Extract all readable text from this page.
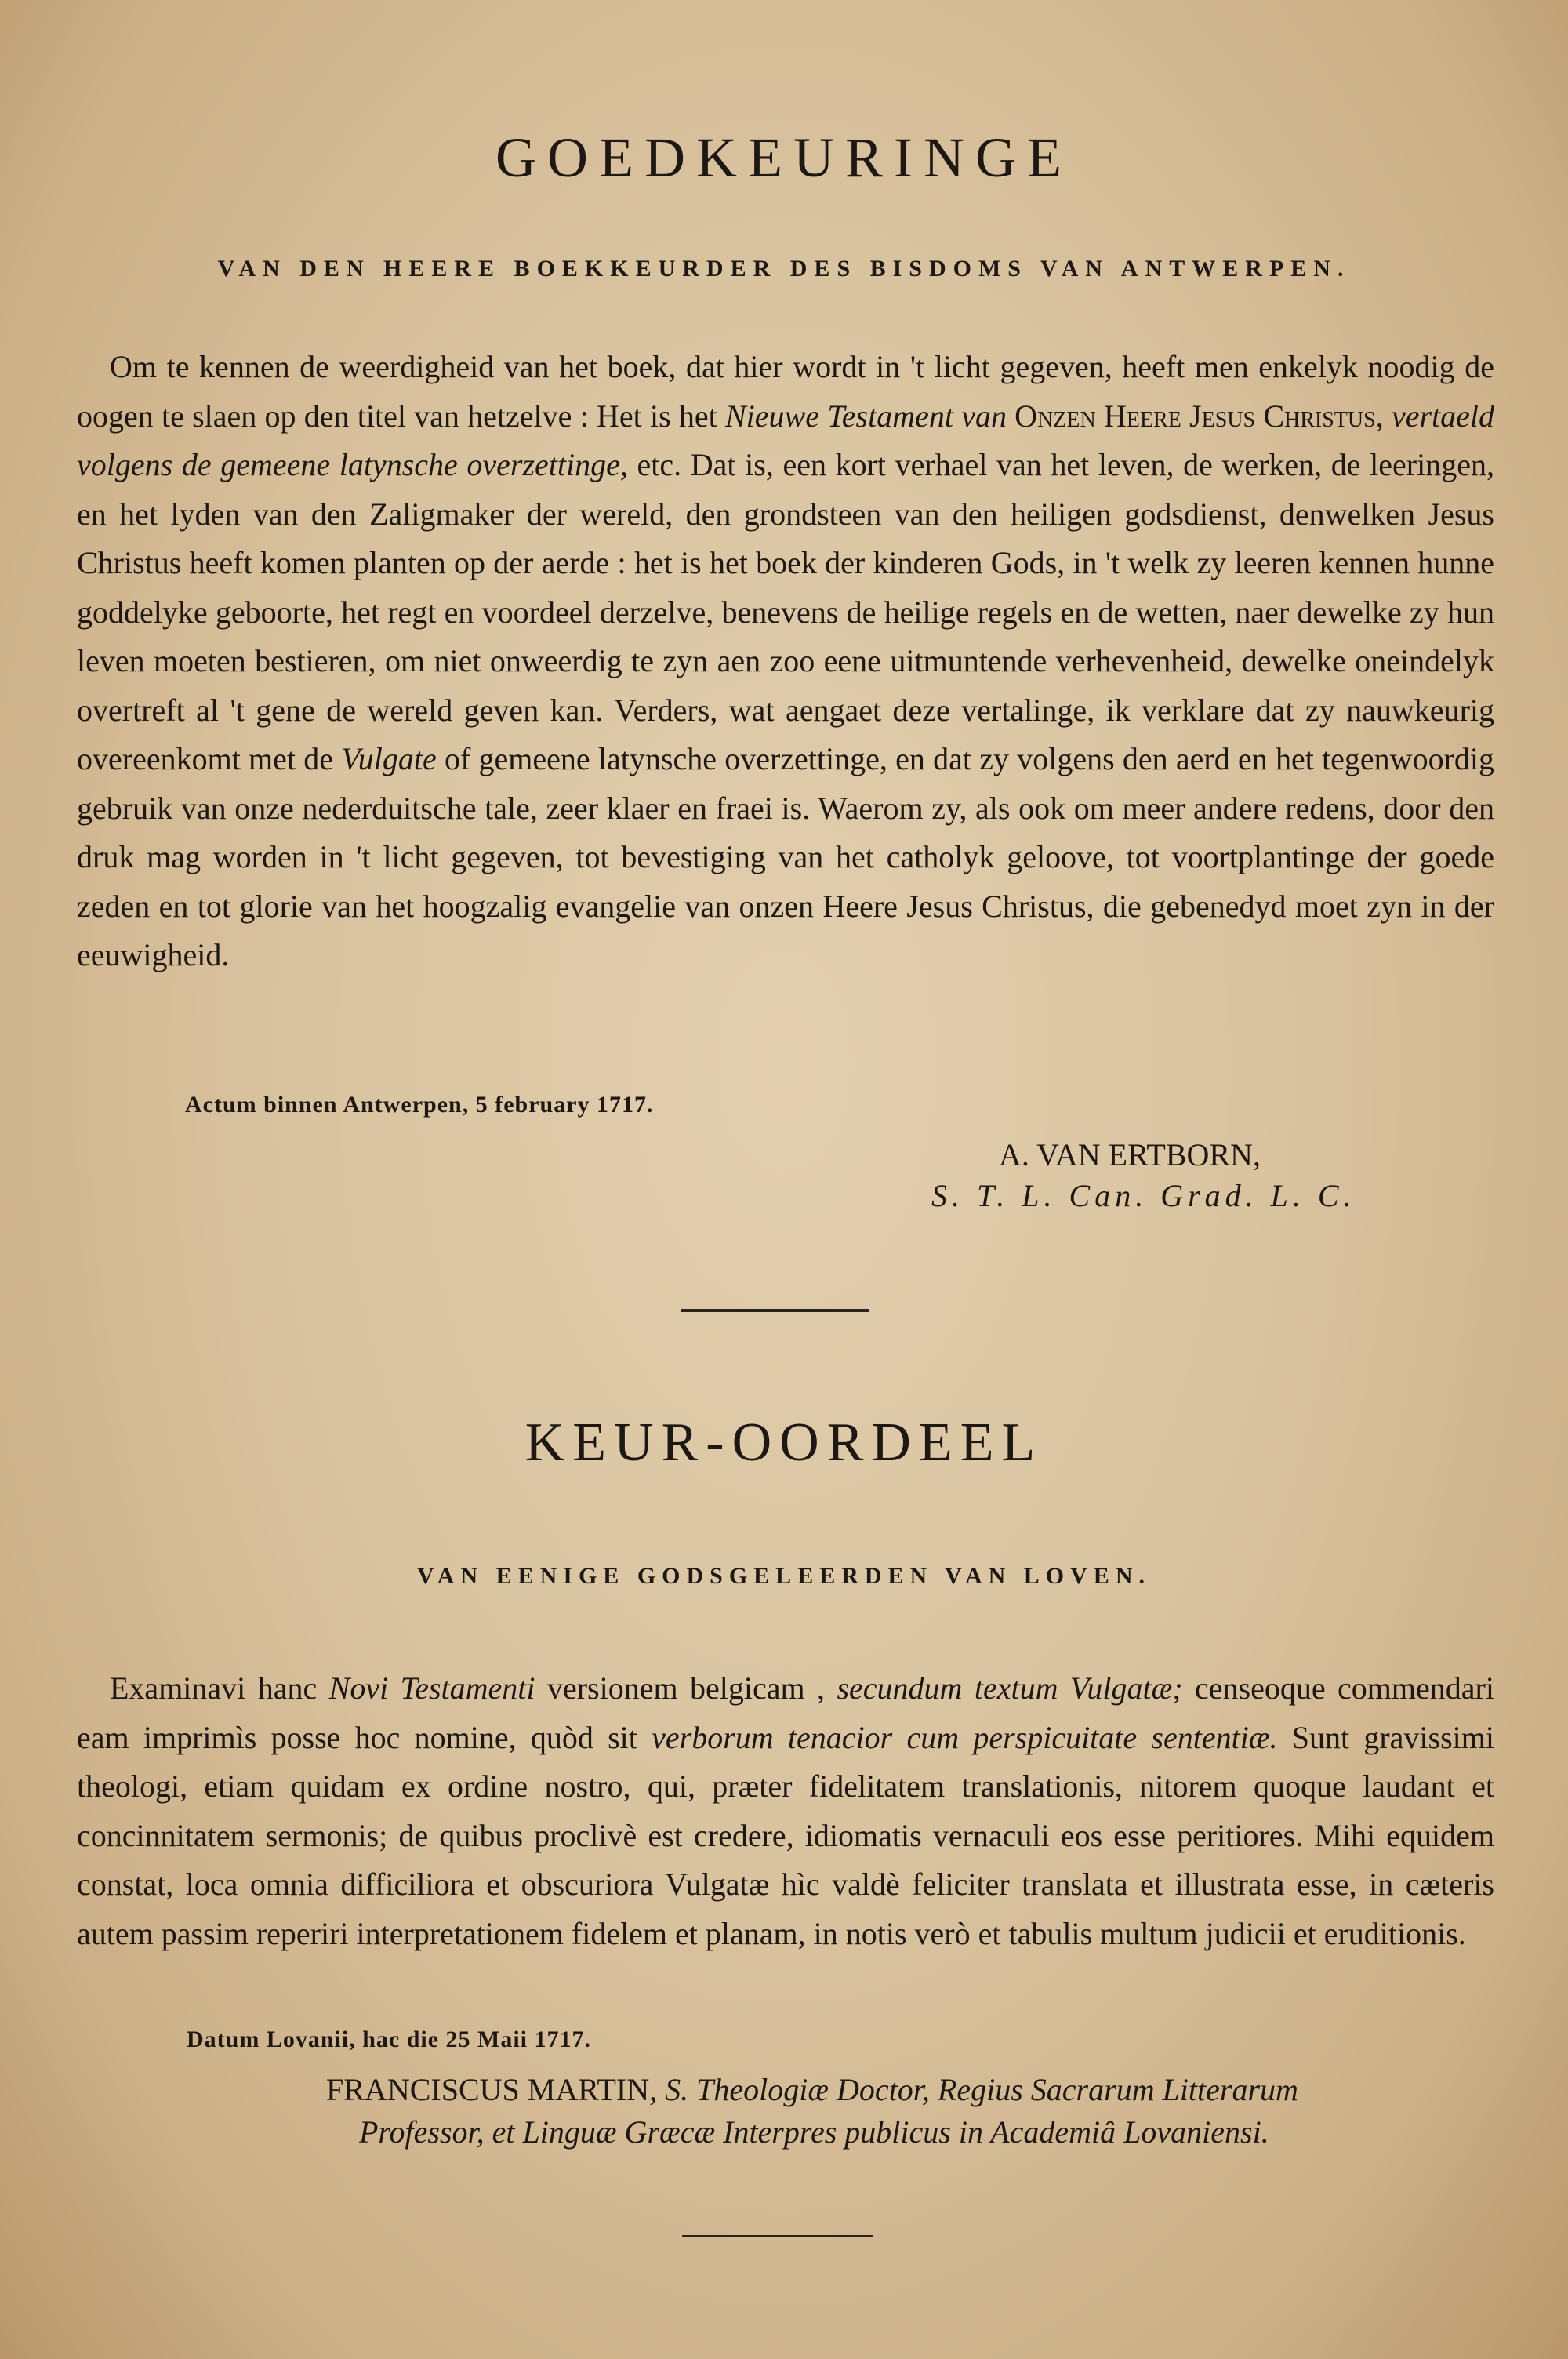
GOEDKEURINGE
VAN DEN HEERE BOEKKEURDER DES BISDOMS VAN ANTWERPEN.

Om te kennen de weerdigheid van het boek, dat hier wordt in 't licht gegeven, heeft men enkelyk noodig de oogen te slaen op den titel van hetzelve : Het is het Nieuwe Testament van Onzen Heere Jesus Christus, vertaeld volgens de gemeene latynsche overzettinge, etc. Dat is, een kort verhael van het leven, de werken, de leeringen, en het lyden van den Zaligmaker der wereld, den grondsteen van den heiligen godsdienst, denwelken Jesus Christus heeft komen planten op der aerde : het is het boek der kinderen Gods, in 't welk zy leeren kennen hunne goddelyke geboorte, het regt en voordeel derzelve, benevens de heilige regels en de wetten, naer dewelke zy hun leven moeten bestieren, om niet onweerdig te zyn aen zoo eene uitmuntende verhevenheid, dewelke oneindelyk overtreft al 't gene de wereld geven kan. Verders, wat aengaet deze vertalinge, ik verklare dat zy nauwkeurig overeenkomt met de Vulgate of gemeene latynsche overzettinge, en dat zy volgens den aerd en het tegenwoordig gebruik van onze nederduitsche tale, zeer klaer en fraei is. Waerom zy, als ook om meer andere redens, door den druk mag worden in 't licht gegeven, tot bevestiging van het catholyk geloove, tot voortplantinge der goede zeden en tot glorie van het hoogzalig evangelie van onzen Heere Jesus Christus, die gebenedyd moet zyn in der eeuwigheid.

Actum binnen Antwerpen, 5 february 1717.
A. VAN ERTBORN,
S. T. L. Can. Grad. L. C.
KEUR-OORDEEL
VAN EENIGE GODSGELEERDEN VAN LOVEN.

Examinavi hanc Novi Testamenti versionem belgicam , secundum textum Vulgatæ; censeoque commendari eam imprimìs posse hoc nomine, quòd sit verborum tenacior cum perspicuitate sententiæ. Sunt gravissimi theologi, etiam quidam ex ordine nostro, qui, præter fidelitatem translationis, nitorem quoque laudant et concinnitatem sermonis; de quibus proclivè est credere, idiomatis vernaculi eos esse peritiores. Mihi equidem constat, loca omnia difficiliora et obscuriora Vulgatæ hìc valdè feliciter translata et illustrata esse, in cæteris autem passim reperiri interpretationem fidelem et planam, in notis verò et tabulis multum judicii et eruditionis.

Datum Lovanii, hac die 25 Maii 1717.
FRANCISCUS MARTIN, S. Theologiæ Doctor, Regius Sacrarum Litterarum
Professor, et Linguæ Græcæ Interpres publicus in Academiâ Lovaniensi.
